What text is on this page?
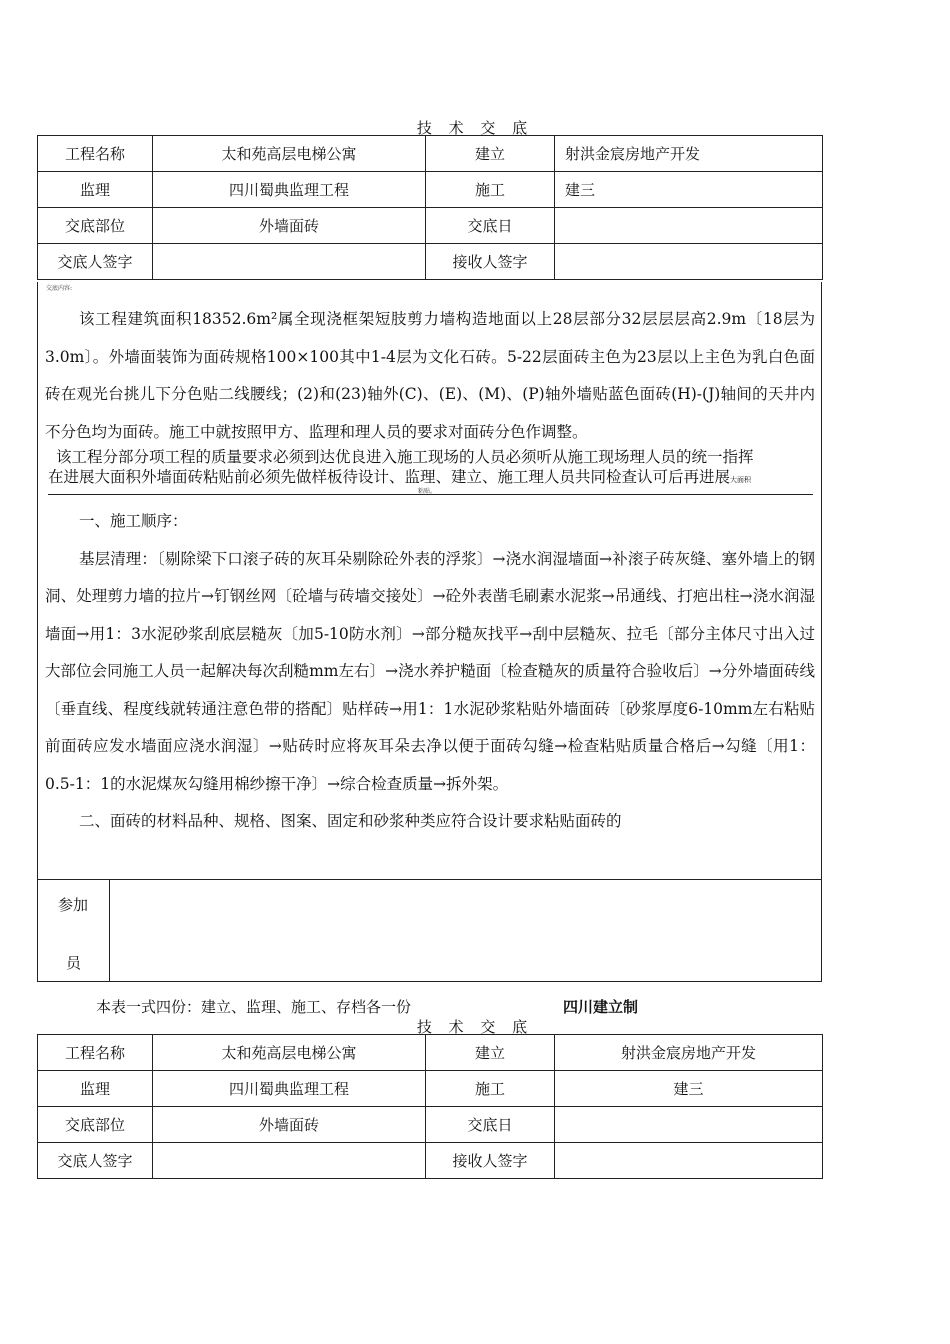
技 术 交 底
工程名称	太和苑高层电梯公寓	建立	射洪金宸房地产开发
监理	四川蜀典监理工程	施工	建三
交底部位	外墙面砖	交底日	
交底人签字		接收人签字	
交底内容:

该工程建筑面积18352.6m²属全现浇框架短肢剪力墙构造地面以上28层部分32层层层高2.9m〔18层为3.0m〕。外墙面装饰为面砖规格100×100其中1-4层为文化石砖。5-22层面砖主色为23层以上主色为乳白色面砖在观光台挑儿下分色贴二线腰线；(2)和(23)轴外(C)、(E)、(M)、(P)轴外墙贴蓝色面砖(H)-(J)轴间的天井内不分色均为面砖。施工中就按照甲方、监理和理人员的要求对面砖分色作调整。

该工程分部分项工程的质量要求必须到达优良进入施工现场的人员必须听从施工现场理人员的统一指挥
在进展大面积外墙面砖粘贴前必须先做样板待设计、监理、建立、施工理人员共同检查认可后再进展大面积
粘贴。

一、施工顺序：

基层清理：〔剔除梁下口滚子砖的灰耳朵剔除砼外表的浮浆〕→浇水润湿墙面→补滚子砖灰缝、塞外墙上的钢洞、处理剪力墙的拉片→钉钢丝网〔砼墙与砖墙交接处〕→砼外表凿毛刷素水泥浆→吊通线、打疤出柱→浇水润湿墙面→用1：3水泥砂浆刮底层糙灰〔加5-10防水剂〕→部分糙灰找平→刮中层糙灰、拉毛〔部分主体尺寸出入过大部位会同施工人员一起解决每次刮糙mm左右〕→浇水养护糙面〔检查糙灰的质量符合验收后〕→分外墙面砖线〔垂直线、程度线就转通注意色带的搭配〕贴样砖→用1：1水泥砂浆粘贴外墙面砖〔砂浆厚度6-10mm左右粘贴前面砖应发水墙面应浇水润湿〕→贴砖时应将灰耳朵去净以便于面砖勾缝→检查粘贴质量合格后→勾缝〔用1：0.5-1：1的水泥煤灰勾缝用棉纱擦干净〕→综合检查质量→拆外架。

二、面砖的材料品种、规格、图案、固定和砂浆种类应符合设计要求粘贴面砖的

参加
员
本表一式四份：建立、监理、施工、存档各一份	四川建立制
技 术 交 底
工程名称	太和苑高层电梯公寓	建立	射洪金宸房地产开发
监理	四川蜀典监理工程	施工	建三
交底部位	外墙面砖	交底日	
交底人签字		接收人签字	
